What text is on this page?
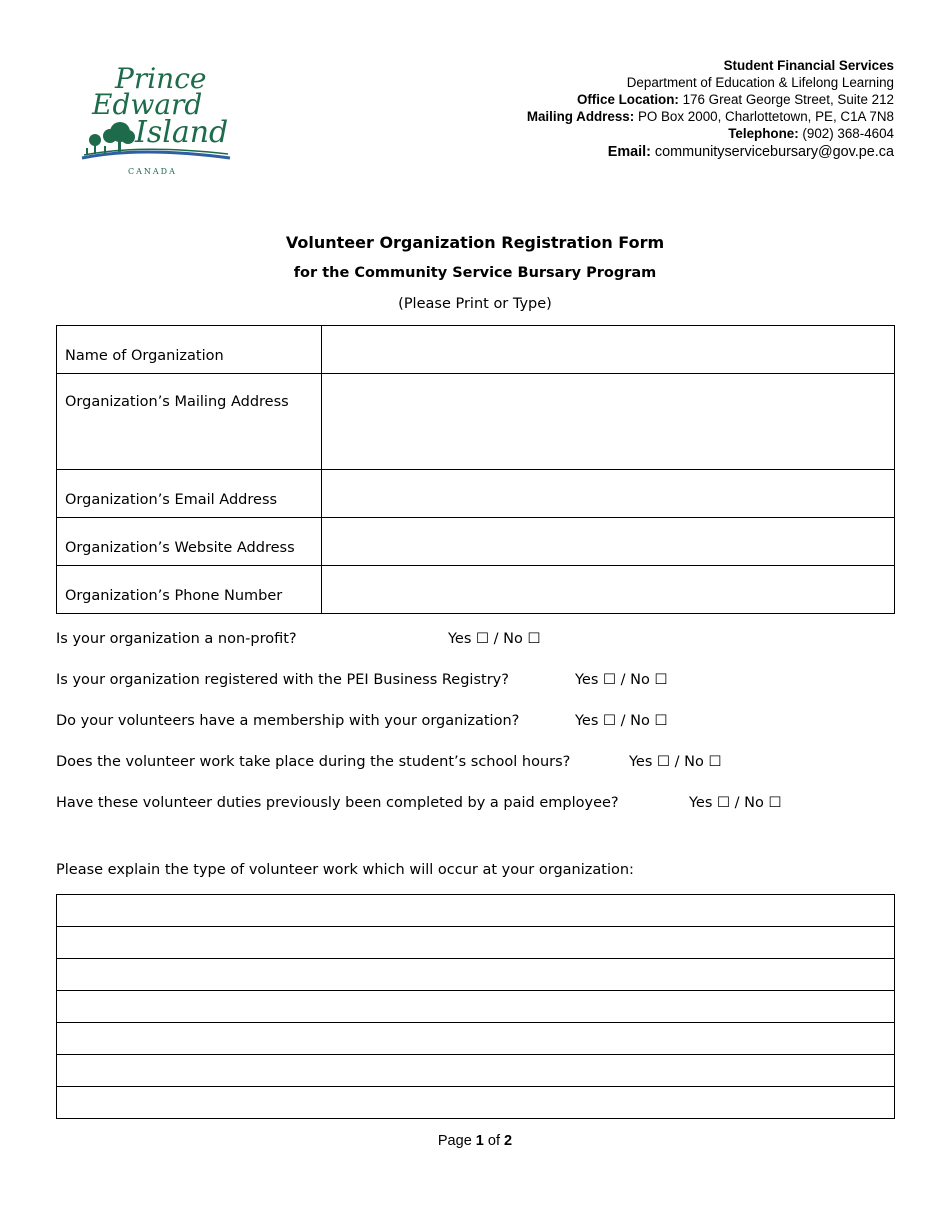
Prince
Edward
Island
CANADA
Student Financial Services
Department of Education & Lifelong Learning
Office Location: 176 Great George Street, Suite 212
Mailing Address: PO Box 2000, Charlottetown, PE, C1A 7N8
Telephone: (902) 368-4604
Email: communityservicebursary@gov.pe.ca
Volunteer Organization Registration Form
for the Community Service Bursary Program
(Please Print or Type)
Name of Organization	
Organization’s Mailing Address	
Organization’s Email Address	
Organization’s Website Address	
Organization’s Phone Number	
Is your organization a non-profit?	Yes ☐ / No ☐
Is your organization registered with the PEI Business Registry?	Yes ☐ / No ☐
Do your volunteers have a membership with your organization?	Yes ☐ / No ☐
Does the volunteer work take place during the student’s school hours?	Yes ☐ / No ☐
Have these volunteer duties previously been completed by a paid employee?	Yes ☐ / No ☐
Please explain the type of volunteer work which will occur at your organization:
Page 1 of 2
